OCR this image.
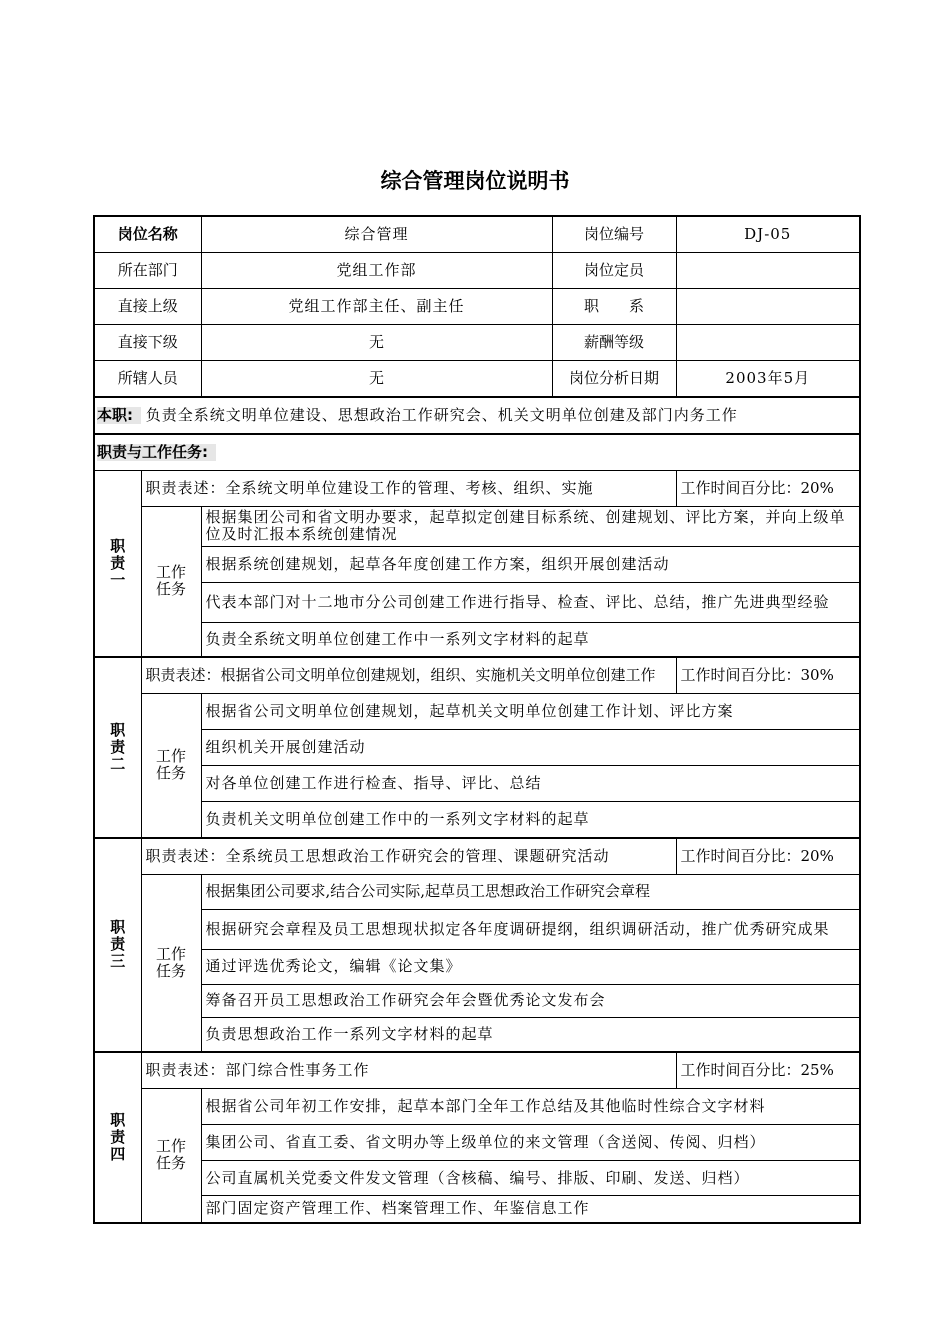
综合管理岗位说明书
岗位名称		综合管理	岗位编号	DJ-05
所在部门		党组工作部	岗位定员	
直接上级		党组工作部主任、副主任	职　　系	
直接下级		无	薪酬等级	
所辖人员		无	岗位分析日期	2003年5月
本职: 负责全系统文明单位建设、思想政治工作研究会、机关文明单位创建及部门内务工作				
职责与工作任务:				

职
责
一	职责表述：全系统文明单位建设工作的管理、考核、组织、实施			工作时间百分比：20%

	工作
任务	根据集团公司和省文明办要求，起草拟定创建目标系统、创建规划、评比方案，并向上级单位及时汇报本系统创建情况		
		根据系统创建规划，起草各年度创建工作方案，组织开展创建活动		
		代表本部门对十二地市分公司创建工作进行指导、检查、评比、总结，推广先进典型经验		
		负责全系统文明单位创建工作中一系列文字材料的起草		

职
责
二	职责表述：根据省公司文明单位创建规划，组织、实施机关文明单位创建工作			工作时间百分比：30%

	工作
任务	根据省公司文明单位创建规划，起草机关文明单位创建工作计划、评比方案		
		组织机关开展创建活动		
		对各单位创建工作进行检查、指导、评比、总结		
		负责机关文明单位创建工作中的一系列文字材料的起草		

职
责
三	职责表述：全系统员工思想政治工作研究会的管理、课题研究活动			工作时间百分比：20%

	工作
任务	根据集团公司要求,结合公司实际,起草员工思想政治工作研究会章程		
		根据研究会章程及员工思想现状拟定各年度调研提纲，组织调研活动，推广优秀研究成果		
		通过评选优秀论文，编辑《论文集》		
		筹备召开员工思想政治工作研究会年会暨优秀论文发布会		
		负责思想政治工作一系列文字材料的起草		

职
责
四	职责表述：部门综合性事务工作			工作时间百分比：25%

	工作
任务	根据省公司年初工作安排，起草本部门全年工作总结及其他临时性综合文字材料		
		集团公司、省直工委、省文明办等上级单位的来文管理（含送阅、传阅、归档）		
		公司直属机关党委文件发文管理（含核稿、编号、排版、印刷、发送、归档）		
		部门固定资产管理工作、档案管理工作、年鉴信息工作		
